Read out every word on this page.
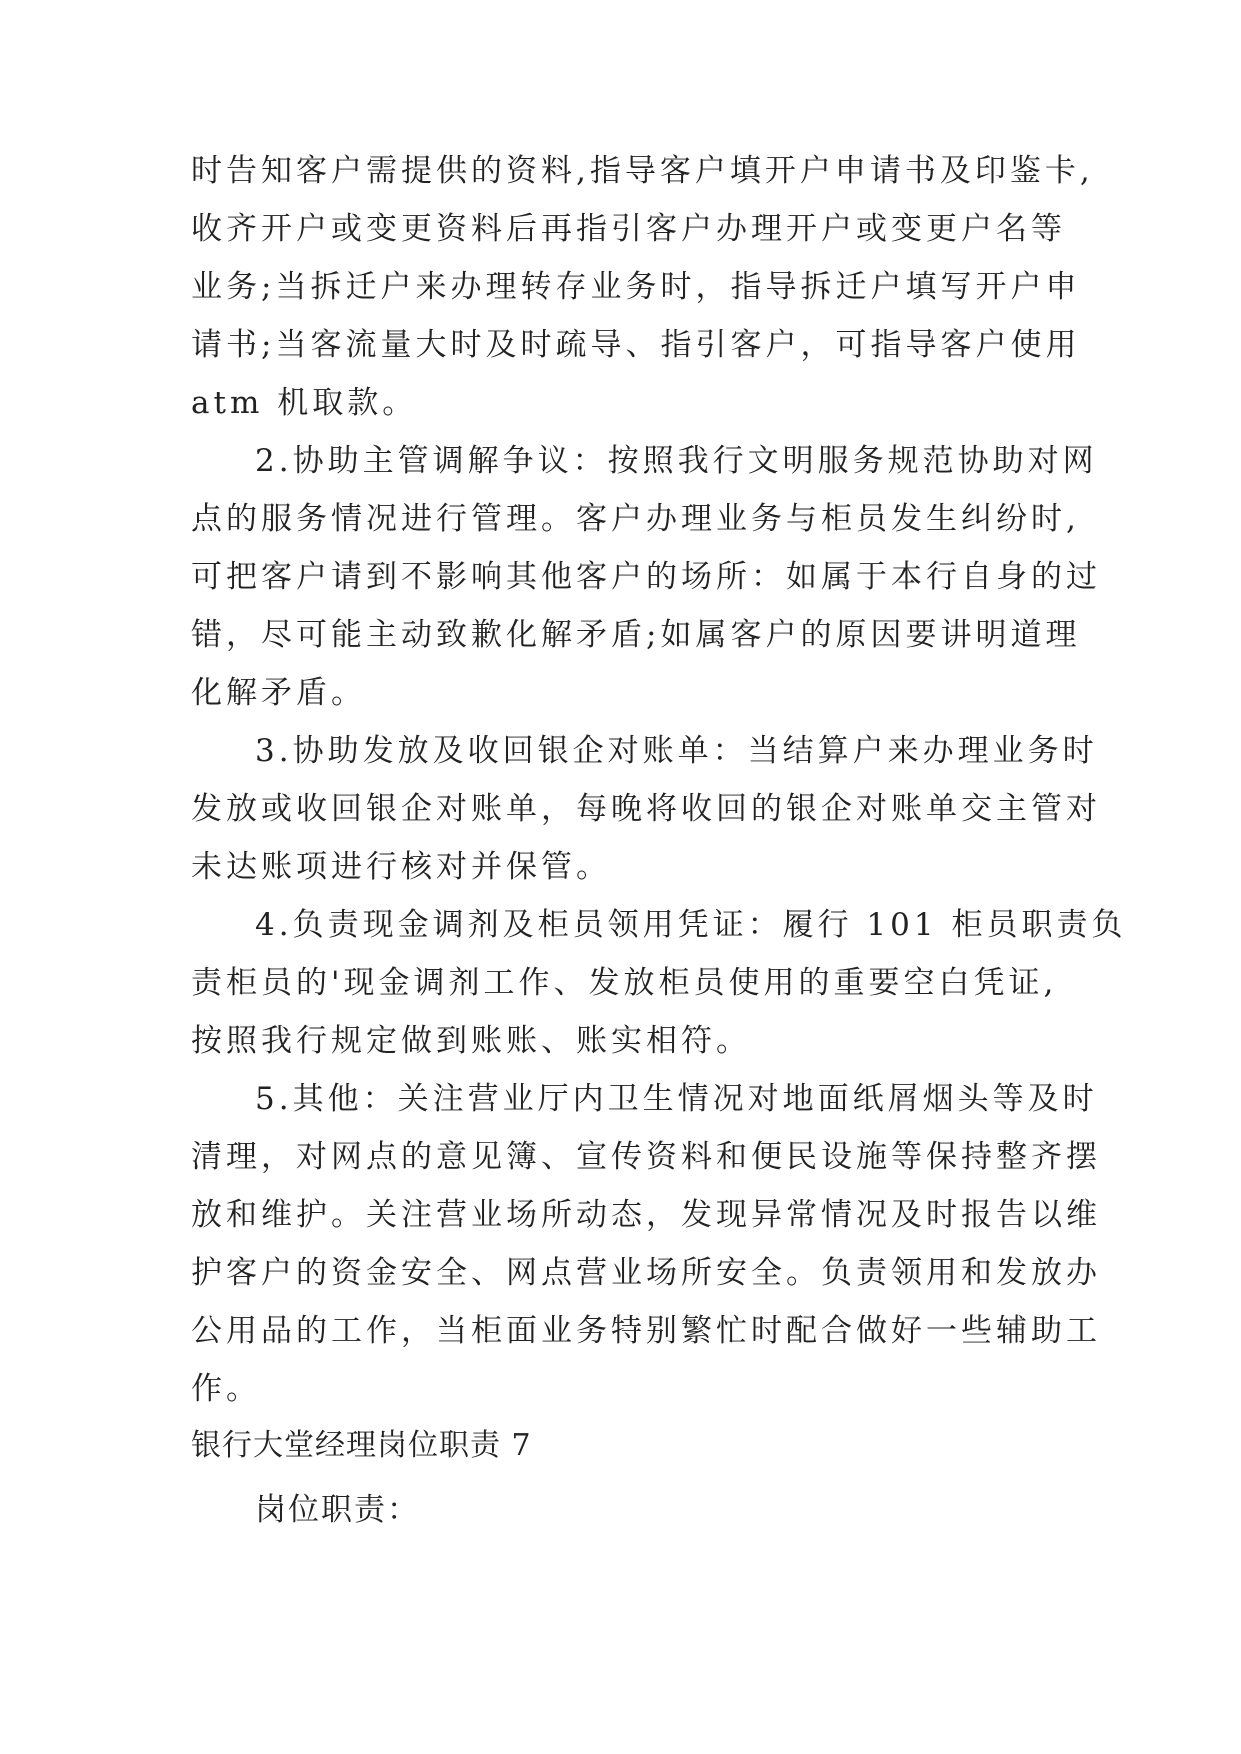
时告知客户需提供的资料,指导客户填开户申请书及印鉴卡,

收齐开户或变更资料后再指引客户办理开户或变更户名等

业务;当拆迁户来办理转存业务时，指导拆迁户填写开户申

请书;当客流量大时及时疏导、指引客户，可指导客户使用

atm 机取款。

2.协助主管调解争议：按照我行文明服务规范协助对网

点的服务情况进行管理。客户办理业务与柜员发生纠纷时,

可把客户请到不影响其他客户的场所：如属于本行自身的过

错，尽可能主动致歉化解矛盾;如属客户的原因要讲明道理

化解矛盾。

3.协助发放及收回银企对账单：当结算户来办理业务时

发放或收回银企对账单，每晚将收回的银企对账单交主管对

未达账项进行核对并保管。

4.负责现金调剂及柜员领用凭证：履行 101 柜员职责负

责柜员的'现金调剂工作、发放柜员使用的重要空白凭证,

按照我行规定做到账账、账实相符。

5.其他：关注营业厅内卫生情况对地面纸屑烟头等及时

清理，对网点的意见簿、宣传资料和便民设施等保持整齐摆

放和维护。关注营业场所动态，发现异常情况及时报告以维

护客户的资金安全、网点营业场所安全。负责领用和发放办

公用品的工作，当柜面业务特别繁忙时配合做好一些辅助工

作。

银行大堂经理岗位职责 7

岗位职责：
